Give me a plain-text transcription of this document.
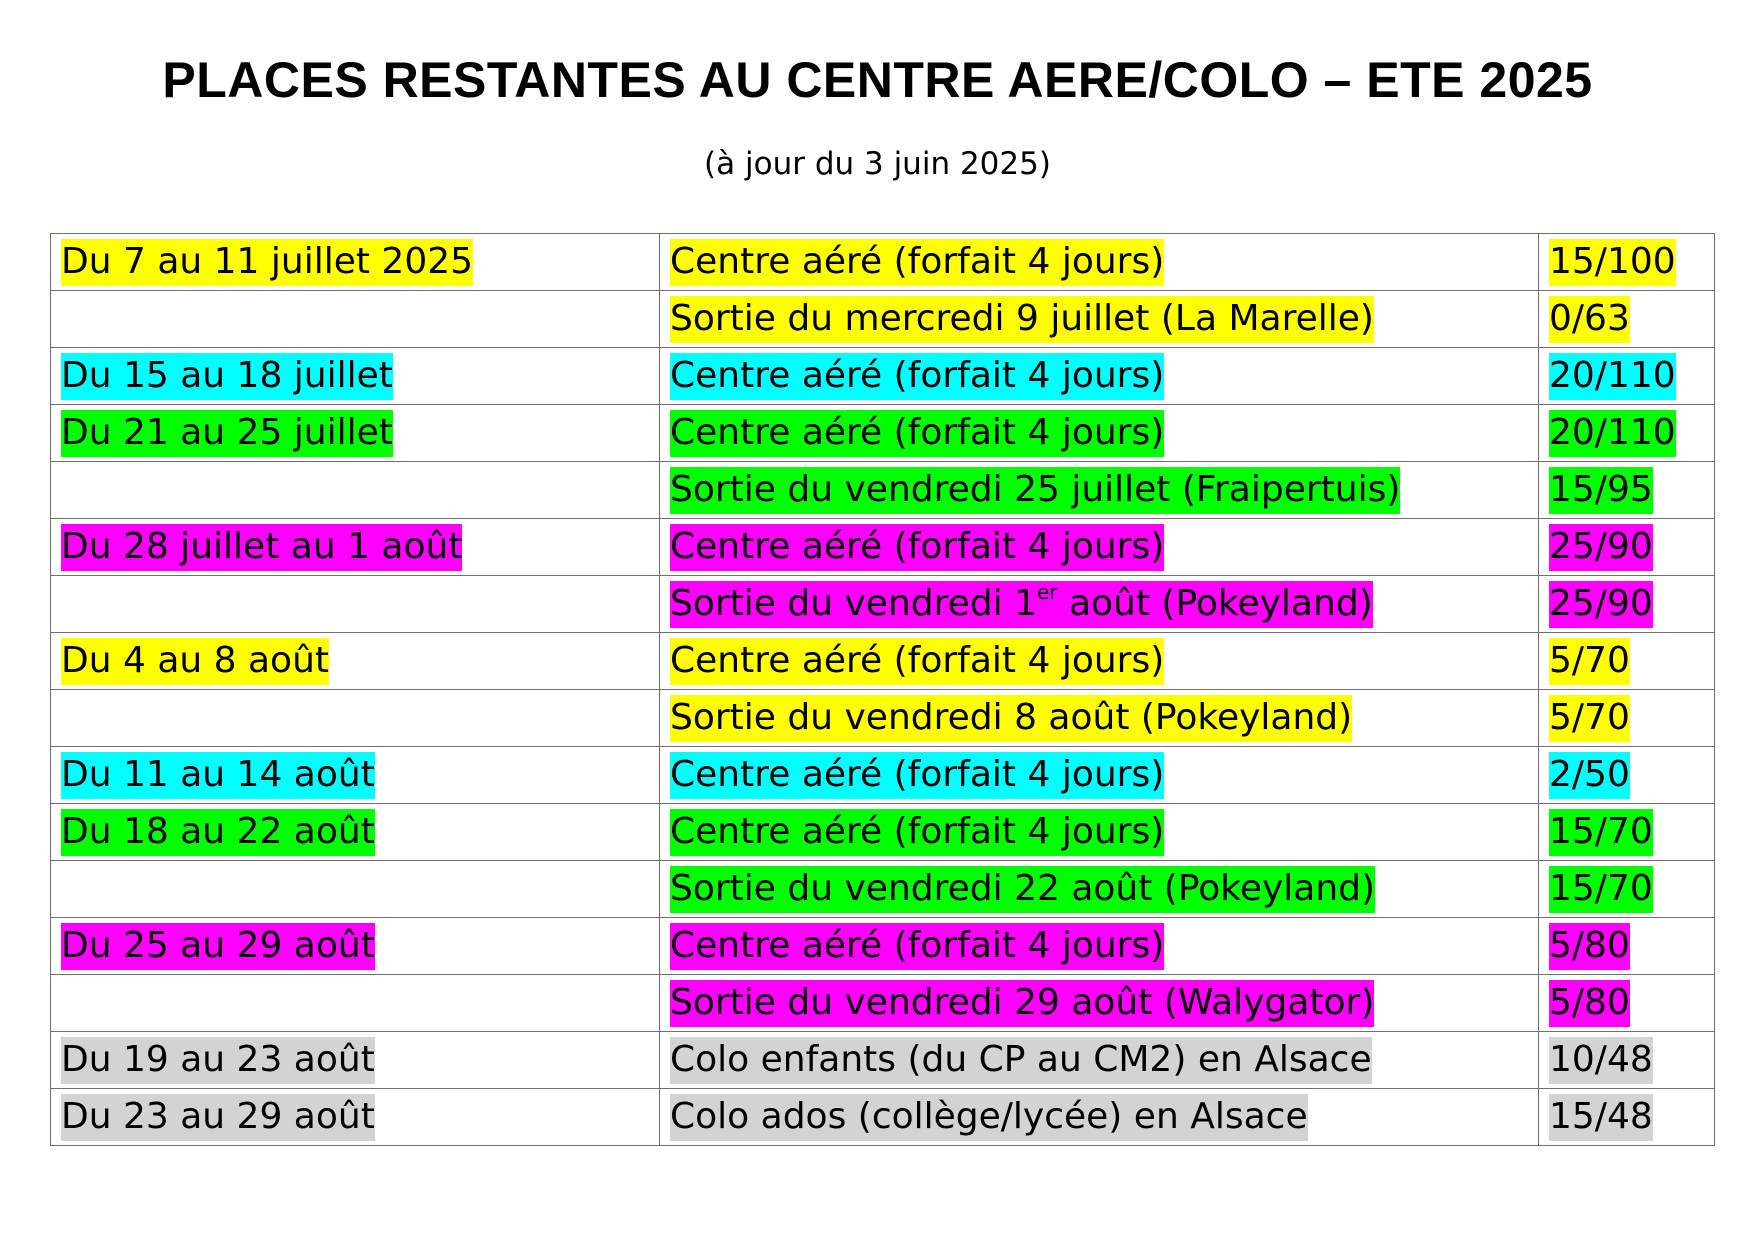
PLACES RESTANTES AU CENTRE AERE/COLO – ETE 2025
(à jour du 3 juin 2025)
Du 7 au 11 juillet 2025	Centre aéré (forfait 4 jours)	15/100
	Sortie du mercredi 9 juillet (La Marelle)	0/63
Du 15 au 18 juillet	Centre aéré (forfait 4 jours)	20/110
Du 21 au 25 juillet	Centre aéré (forfait 4 jours)	20/110
	Sortie du vendredi 25 juillet (Fraipertuis)	15/95
Du 28 juillet au 1 août	Centre aéré (forfait 4 jours)	25/90
	Sortie du vendredi 1er août (Pokeyland)	25/90
Du 4 au 8 août	Centre aéré (forfait 4 jours)	5/70
	Sortie du vendredi 8 août (Pokeyland)	5/70
Du 11 au 14 août	Centre aéré (forfait 4 jours)	2/50
Du 18 au 22 août	Centre aéré (forfait 4 jours)	15/70
	Sortie du vendredi 22 août (Pokeyland)	15/70
Du 25 au 29 août	Centre aéré (forfait 4 jours)	5/80
	Sortie du vendredi 29 août (Walygator)	5/80
Du 19 au 23 août	Colo enfants (du CP au CM2) en Alsace	10/48
Du 23 au 29 août	Colo ados (collège/lycée) en Alsace	15/48
